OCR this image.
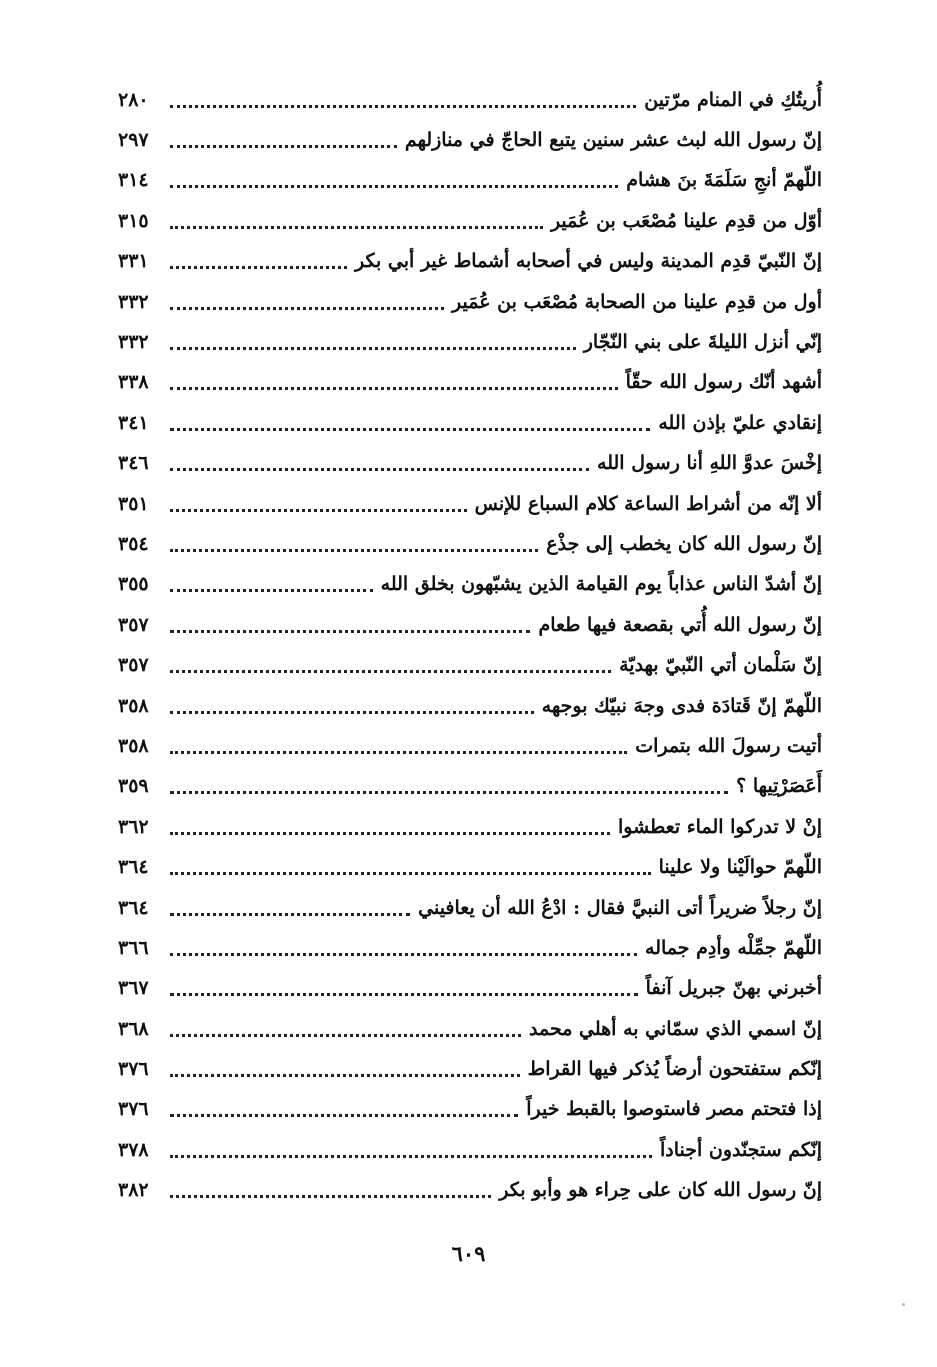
أُريتُكِ في المنام مرّتين
٢٨٠
إنّ رسول الله لبث عشر سنين يتبع الحاجّ في منازلهم
٢٩٧
اللّهمّ أنجِ سَلَمَةَ بنَ هشام
٣١٤
أوّل من قدِم علينا مُصْعَب بن عُمَير
٣١٥
إنّ النّبيّ قدِم المدينة وليس في أصحابه أشماط غير أبي بكر
٣٣١
أول من قدِم علينا من الصحابة مُصْعَب بن عُمَير
٣٣٢
إنّي أنزل الليلةَ على بني النّجّار
٣٣٢
أشهد أنّك رسول الله حقّاً
٣٣٨
إنقادي عليّ بإذن الله
٣٤١
إخْسَ عدوَّ اللهِ أنا رسول الله
٣٤٦
ألا إنّه من أشراط الساعة كلام السباع للإنس
٣٥١
إنّ رسول الله كان يخطب إلى جذْع
٣٥٤
إنّ أشدّ الناس عذاباً يوم القيامة الذين يشبّهون بخلق الله
٣٥٥
إنّ رسول الله أُتي بقصعة فيها طعام
٣٥٧
إنّ سَلْمان أتي النّبيّ بهديّة
٣٥٧
اللّهمّ إنّ قَتادَة فدى وجهَ نبيّك بوجهه
٣٥٨
أتيت رسولَ الله بتمرات
٣٥٨
أَعَصَرْتِيها ؟
٣٥٩
إنْ لا تدركوا الماء تعطشوا
٣٦٢
اللّهمّ حوالَيْنا ولا علينا
٣٦٤
إنّ رجلاً ضريراً أتى النبيَّ فقال : ادْعُ الله أن يعافيني
٣٦٤
اللّهمّ جمِّلْه وأدِم جماله
٣٦٦
أخبرني بهنّ جبريل آنفاً
٣٦٧
إنّ اسمي الذي سمّاني به أهلي محمد
٣٦٨
إنّكم ستفتحون أرضاً يُذكر فيها القراط
٣٧٦
إذا فتحتم مصر فاستوصوا بالقبط خيراً
٣٧٦
إنّكم ستجنّدون أجناداً
٣٧٨
إنّ رسول الله كان على حِراء هو وأبو بكر
٣٨٢
٦٠٩
